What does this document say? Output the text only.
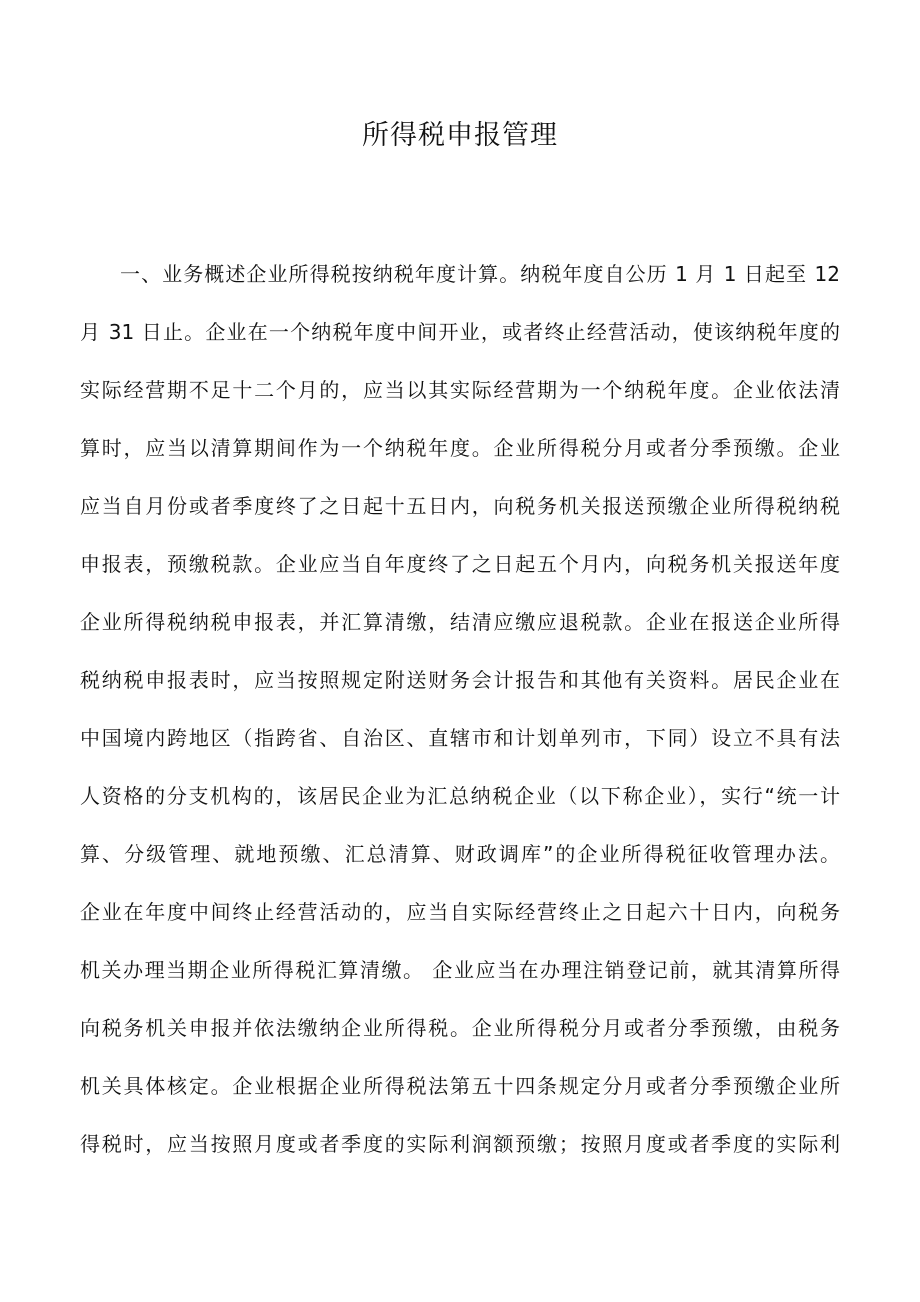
所得税申报管理
一、业务概述企业所得税按纳税年度计算。纳税年度自公历 1 月 1 日起至 12
月 31 日止。企业在一个纳税年度中间开业，或者终止经营活动，使该纳税年度的
实际经营期不足十二个月的，应当以其实际经营期为一个纳税年度。企业依法清
算时，应当以清算期间作为一个纳税年度。企业所得税分月或者分季预缴。企业
应当自月份或者季度终了之日起十五日内，向税务机关报送预缴企业所得税纳税
申报表，预缴税款。企业应当自年度终了之日起五个月内，向税务机关报送年度
企业所得税纳税申报表，并汇算清缴，结清应缴应退税款。企业在报送企业所得
税纳税申报表时，应当按照规定附送财务会计报告和其他有关资料。居民企业在
中国境内跨地区（指跨省、自治区、直辖市和计划单列市，下同）设立不具有法
人资格的分支机构的，该居民企业为汇总纳税企业（以下称企业），实行“统一计
算、分级管理、就地预缴、汇总清算、财政调库”的企业所得税征收管理办法。
企业在年度中间终止经营活动的，应当自实际经营终止之日起六十日内，向税务
机关办理当期企业所得税汇算清缴。 企业应当在办理注销登记前，就其清算所得
向税务机关申报并依法缴纳企业所得税。企业所得税分月或者分季预缴，由税务
机关具体核定。企业根据企业所得税法第五十四条规定分月或者分季预缴企业所
得税时，应当按照月度或者季度的实际利润额预缴；按照月度或者季度的实际利
